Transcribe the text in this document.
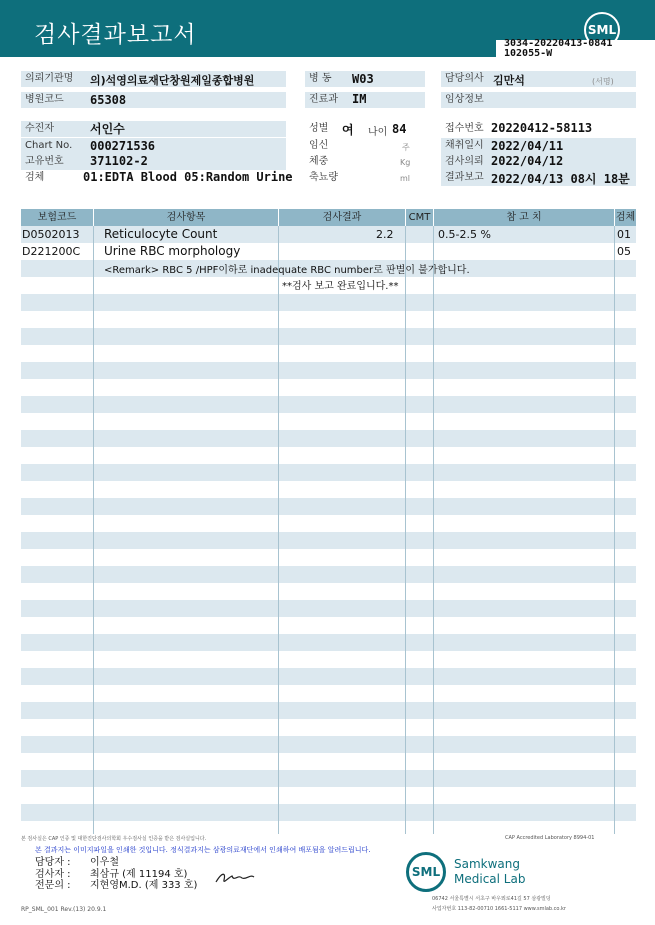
검사결과보고서	SML
3034-20220413-0841
102055-W
의뢰기관명	의)석영의료재단창원제일종합병원
병원코드	65308
병 동	W03
진료과	IM
담당의사 김만석	(서명)
임상정보
수진자	서인수
Chart No.	000271536
고유번호	371102-2
검체	01:EDTA Blood 05:Random Urine
성별	여 나이 84
임신	주
체중	Kg
축뇨량	ml
접수번호 20220412-58113
채취일시 2022/04/11
검사의뢰 2022/04/12
결과보고 2022/04/13 08시 18분
보험코드	검사항목	검사결과	CMT	참 고 치	검체
D0502013 Reticulocyte Count	2.2	0.5-2.5 %	01
D221200C Urine RBC morphology	05
<Remark> RBC 5 /HPF이하로 inadequate RBC number로 판별이 불가합니다.
**검사 보고 완료입니다.**
본 검사실은 CAP 인증 및 대한진단검사의학회 우수검사실 인증을 받은 검사실입니다.	CAP Accredited Laboratory 8994-01
본 결과지는 이미지파일을 인쇄한 것입니다. 정식결과지는 삼광의료재단에서 인쇄하여 배포됨을 알려드립니다.
담당자 : 이우철
검사자 : 최삼규 (제 11194 호)
전문의 : 지현영M.D. (제 333 호)
SML
Samkwang
Medical Lab
06742 서울특별시 서초구 바우뫼로41길 57 삼광빌딩
사업자번호 113-82-00710 1661-5117 www.smlab.co.kr
RP_SML_001 Rev.(13) 20.9.1
